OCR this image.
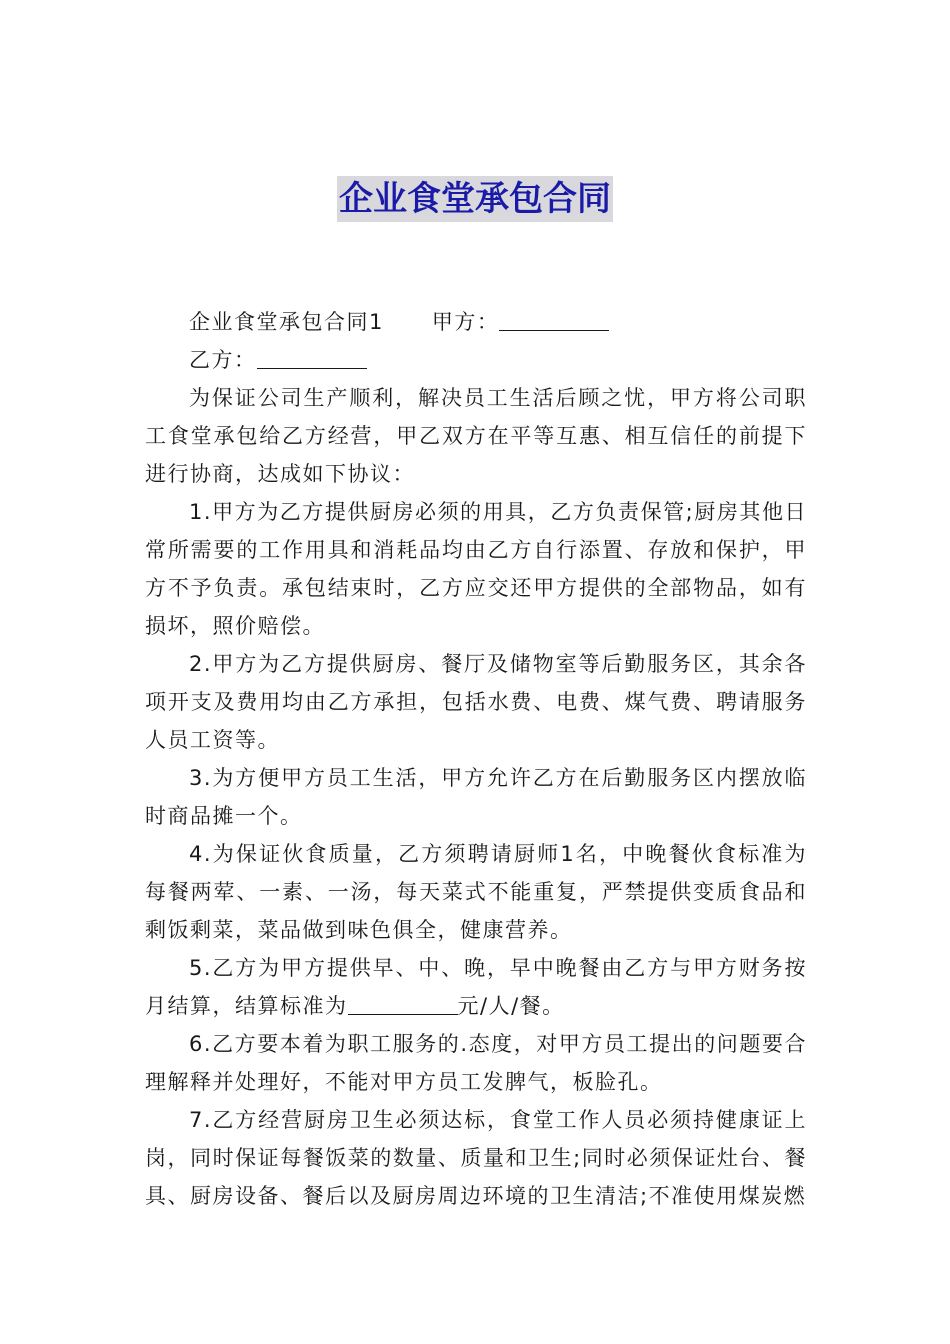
企业食堂承包合同

企业食堂承包合同1 甲方：

乙方：

为保证公司生产顺利，解决员工生活后顾之忧，甲方将公司职工食堂承包给乙方经营，甲乙双方在平等互惠、相互信任的前提下进行协商，达成如下协议：

1.甲方为乙方提供厨房必须的用具，乙方负责保管;厨房其他日常所需要的工作用具和消耗品均由乙方自行添置、存放和保护，甲方不予负责。承包结束时，乙方应交还甲方提供的全部物品，如有损坏，照价赔偿。

2.甲方为乙方提供厨房、餐厅及储物室等后勤服务区，其余各项开支及费用均由乙方承担，包括水费、电费、煤气费、聘请服务人员工资等。

3.为方便甲方员工生活，甲方允许乙方在后勤服务区内摆放临时商品摊一个。

4.为保证伙食质量，乙方须聘请厨师1名，中晚餐伙食标准为每餐两荤、一素、一汤，每天菜式不能重复，严禁提供变质食品和剩饭剩菜，菜品做到味色俱全，健康营养。

5.乙方为甲方提供早、中、晚，早中晚餐由乙方与甲方财务按月结算，结算标准为	元/人/餐。

6.乙方要本着为职工服务的.态度，对甲方员工提出的问题要合理解释并处理好，不能对甲方员工发脾气，板脸孔。

7.乙方经营厨房卫生必须达标，食堂工作人员必须持健康证上岗，同时保证每餐饭菜的数量、质量和卫生;同时必须保证灶台、餐具、厨房设备、餐后以及厨房周边环境的卫生清洁;不准使用煤炭燃
